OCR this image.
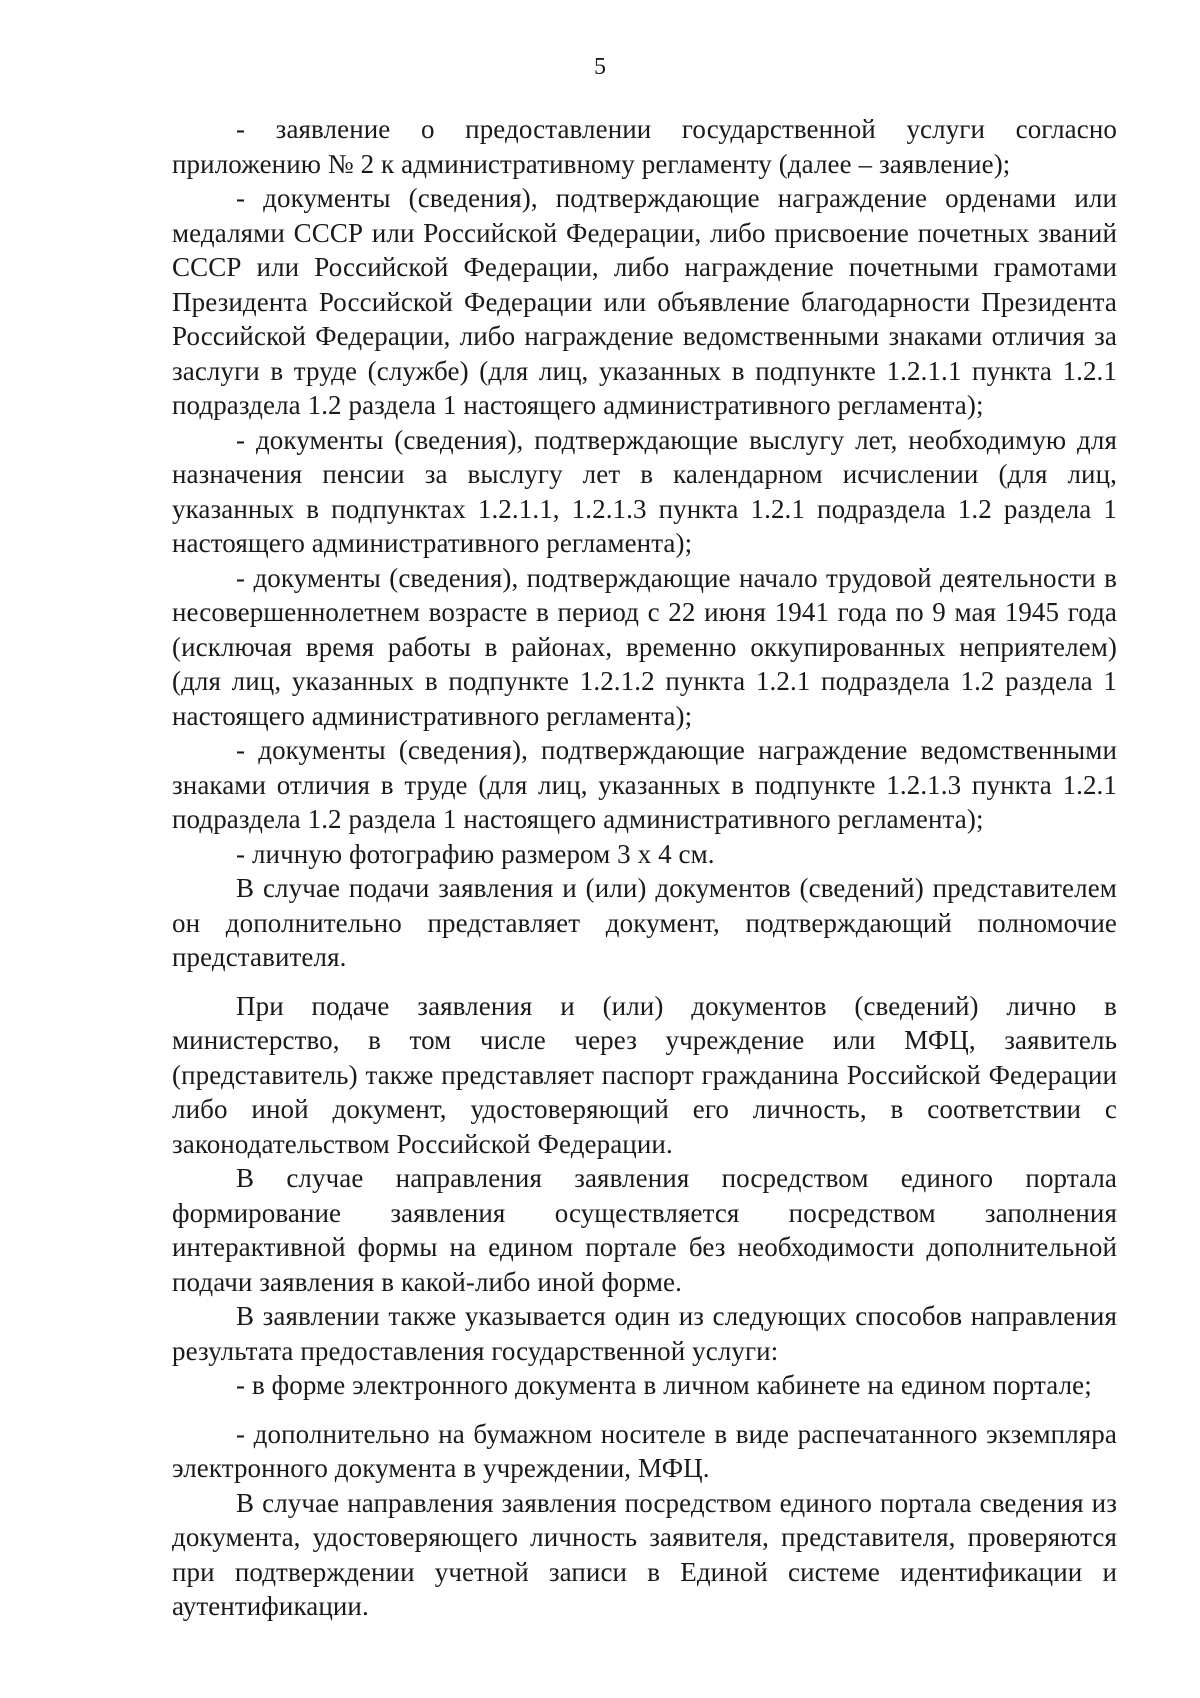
5

- заявление о предоставлении государственной услуги согласно приложению № 2 к административному регламенту (далее – заявление);

- документы (сведения), подтверждающие награждение орденами или медалями СССР или Российской Федерации, либо присвоение почетных званий СССР или Российской Федерации, либо награждение почетными грамотами Президента Российской Федерации или объявление благодарности Президента Российской Федерации, либо награждение ведомственными знаками отличия за заслуги в труде (службе) (для лиц, указанных в подпункте 1.2.1.1 пункта 1.2.1 подраздела 1.2 раздела 1 настоящего административного регламента);

- документы (сведения), подтверждающие выслугу лет, необходимую для назначения пенсии за выслугу лет в календарном исчислении (для лиц, указанных в подпунктах 1.2.1.1, 1.2.1.3 пункта 1.2.1 подраздела 1.2 раздела 1 настоящего административного регламента);

- документы (сведения), подтверждающие начало трудовой деятельности в несовершеннолетнем возрасте в период с 22 июня 1941 года по 9 мая 1945 года (исключая время работы в районах, временно оккупированных неприятелем) (для лиц, указанных в подпункте 1.2.1.2 пункта 1.2.1 подраздела 1.2 раздела 1 настоящего административного регламента);

- документы (сведения), подтверждающие награждение ведомственными знаками отличия в труде (для лиц, указанных в подпункте 1.2.1.3 пункта 1.2.1 подраздела 1.2 раздела 1 настоящего административного регламента);

- личную фотографию размером 3 х 4 см.

В случае подачи заявления и (или) документов (сведений) представителем он дополнительно представляет документ, подтверждающий полномочие представителя.

При подаче заявления и (или) документов (сведений) лично в министерство, в том числе через учреждение или МФЦ, заявитель (представитель) также представляет паспорт гражданина Российской Федерации либо иной документ, удостоверяющий его личность, в соответствии с законодательством Российской Федерации.

В случае направления заявления посредством единого портала формирование заявления осуществляется посредством заполнения интерактивной формы на едином портале без необходимости дополнительной подачи заявления в какой-либо иной форме.

В заявлении также указывается один из следующих способов направления результата предоставления государственной услуги:

- в форме электронного документа в личном кабинете на едином портале;

- дополнительно на бумажном носителе в виде распечатанного экземпляра электронного документа в учреждении, МФЦ.

В случае направления заявления посредством единого портала сведения из документа, удостоверяющего личность заявителя, представителя, проверяются при подтверждении учетной записи в Единой системе идентификации и аутентификации.
